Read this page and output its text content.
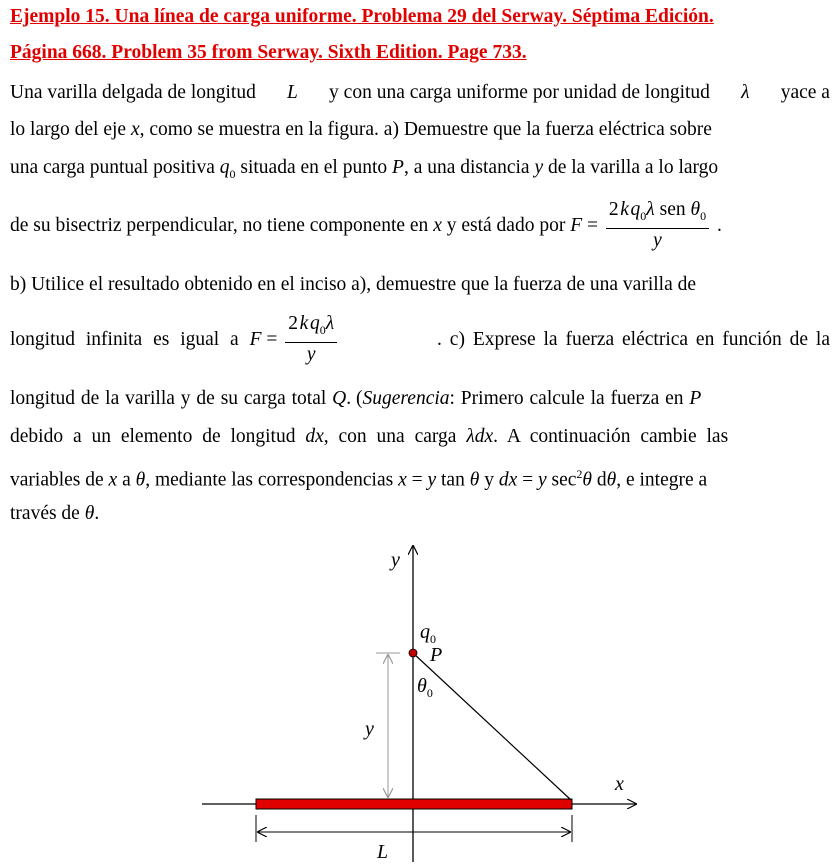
Ejemplo 15. Una línea de carga uniforme. Problema 29 del Serway. Séptima Edición.
Página 668. Problem 35 from Serway. Sixth Edition. Page 733.
Una varilla delgada de longitud L y con una carga uniforme por unidad de longitud λ yace a
lo largo del eje x, como se muestra en la figura. a) Demuestre que la fuerza eléctrica sobre
una carga puntual positiva $q_0$ situada en el punto P, a una distancia y de la varilla a lo largo
de su bisectriz perpendicular, no tiene componente en x y está dado por $F = \frac{2 k q_0\lambda sen \theta_0}{y}$ .
b) Utilice el resultado obtenido en el inciso a), demuestre que la fuerza de una varilla de
longitud infinita es igual a $F = \frac{2 k q_0\lambda}{y}$	. c) Exprese la fuerza eléctrica en función de la
longitud de la varilla y de su carga total Q. (Sugerencia: Primero calcule la fuerza en P
debido a un elemento de longitud dx, con una carga λdx. A continuación cambie las
variables de x a θ, mediante las correspondencias x = y tan θ y dx = y $\sec^2\theta$ dθ, e integre a
través de θ.
y
x
y
L
$q_0$
P
$\theta_0$
